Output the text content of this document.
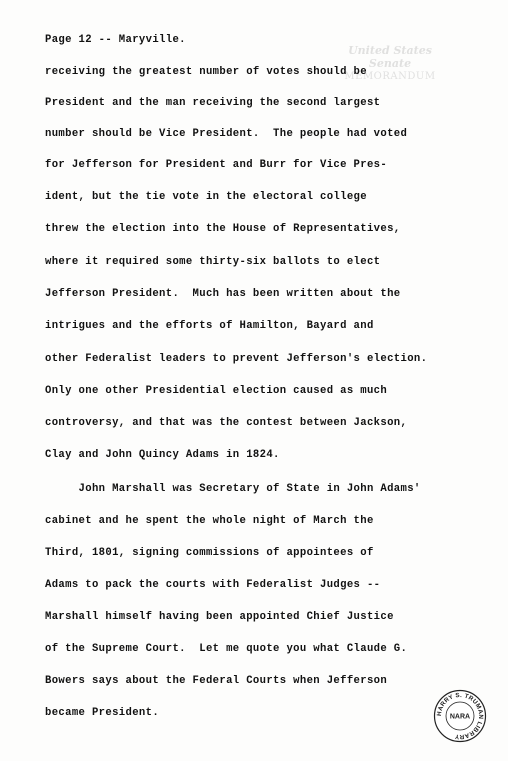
United States Senate
MEMORANDUM
Page 12 -- Maryville.
receiving the greatest number of votes should be
President and the man receiving the second largest
number should be Vice President.  The people had voted
for Jefferson for President and Burr for Vice Pres-
ident, but the tie vote in the electoral college
threw the election into the House of Representatives,
where it required some thirty-six ballots to elect
Jefferson President.  Much has been written about the
intrigues and the efforts of Hamilton, Bayard and
other Federalist leaders to prevent Jefferson's election.
Only one other Presidential election caused as much
controversy, and that was the contest between Jackson,
Clay and John Quincy Adams in 1824.
John Marshall was Secretary of State in John Adams'
cabinet and he spent the whole night of March the
Third, 1801, signing commissions of appointees of
Adams to pack the courts with Federalist Judges --
Marshall himself having been appointed Chief Justice
of the Supreme Court.  Let me quote you what Claude G.
Bowers says about the Federal Courts when Jefferson
became President.	HARRY S. TRUMAN LIBRARY
NARA
